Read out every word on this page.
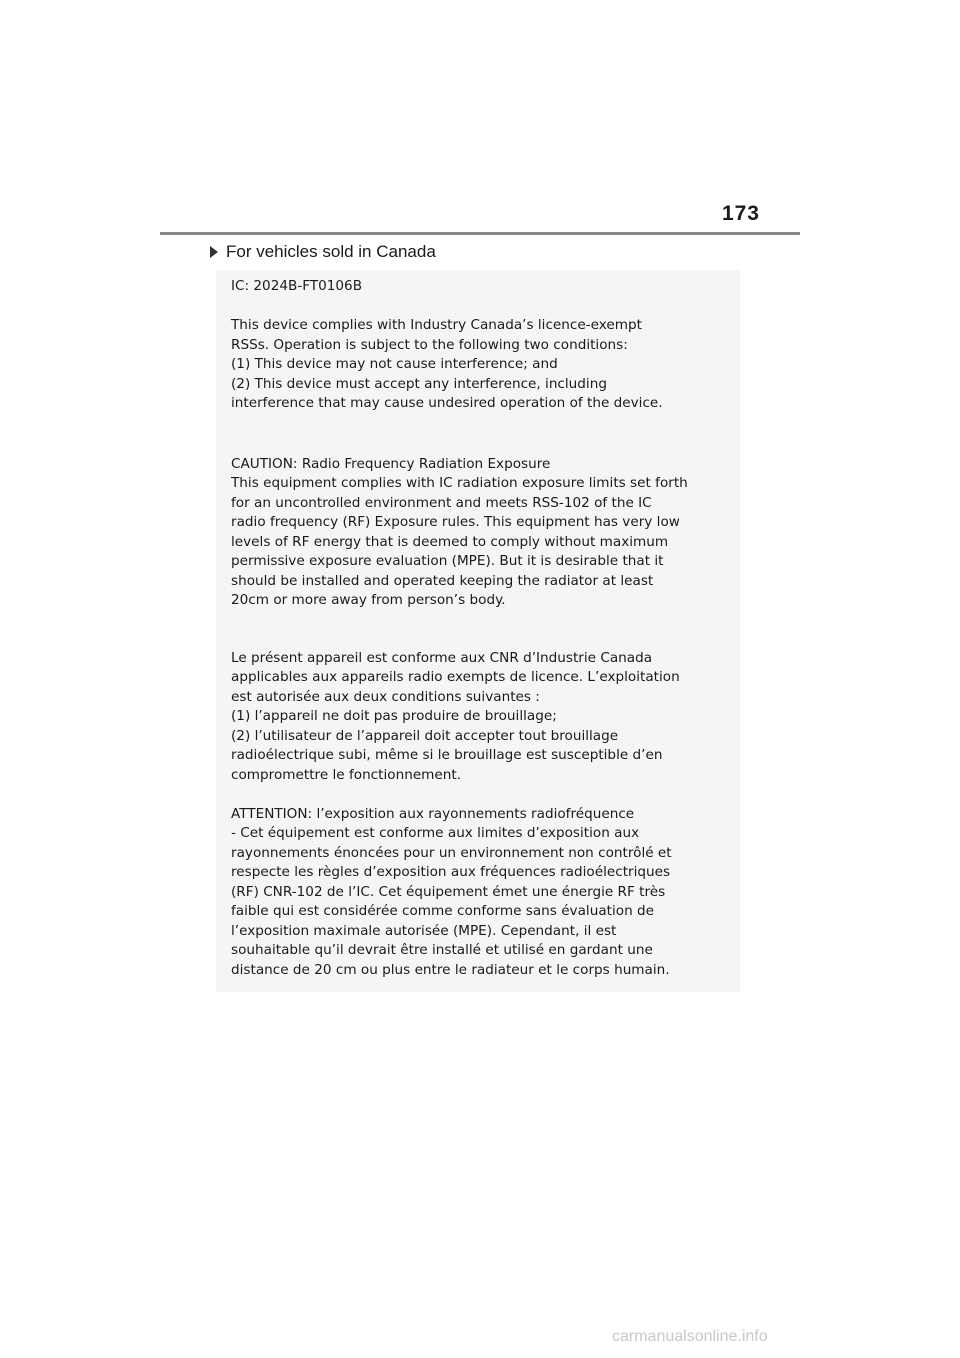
173
For vehicles sold in Canada

IC: 2024B-FT0106B

This device complies with Industry Canada’s licence-exempt
RSSs. Operation is subject to the following two conditions:
(1) This device may not cause interference; and
(2) This device must accept any interference, including
interference that may cause undesired operation of the device.

CAUTION: Radio Frequency Radiation Exposure
This equipment complies with IC radiation exposure limits set forth
for an uncontrolled environment and meets RSS-102 of the IC
radio frequency (RF) Exposure rules. This equipment has very low
levels of RF energy that is deemed to comply without maximum
permissive exposure evaluation (MPE). But it is desirable that it
should be installed and operated keeping the radiator at least
20cm or more away from person’s body.

Le présent appareil est conforme aux CNR d’Industrie Canada
applicables aux appareils radio exempts de licence. L’exploitation
est autorisée aux deux conditions suivantes :
(1) l’appareil ne doit pas produire de brouillage;
(2) l’utilisateur de l’appareil doit accepter tout brouillage
radioélectrique subi, même si le brouillage est susceptible d’en
compromettre le fonctionnement.

ATTENTION: l’exposition aux rayonnements radiofréquence
- Cet équipement est conforme aux limites d’exposition aux
rayonnements énoncées pour un environnement non contrôlé et
respecte les règles d’exposition aux fréquences radioélectriques
(RF) CNR-102 de l’IC. Cet équipement émet une énergie RF très
faible qui est considérée comme conforme sans évaluation de
l’exposition maximale autorisée (MPE). Cependant, il est
souhaitable qu’il devrait être installé et utilisé en gardant une
distance de 20 cm ou plus entre le radiateur et le corps humain.

carmanualsonline.info
